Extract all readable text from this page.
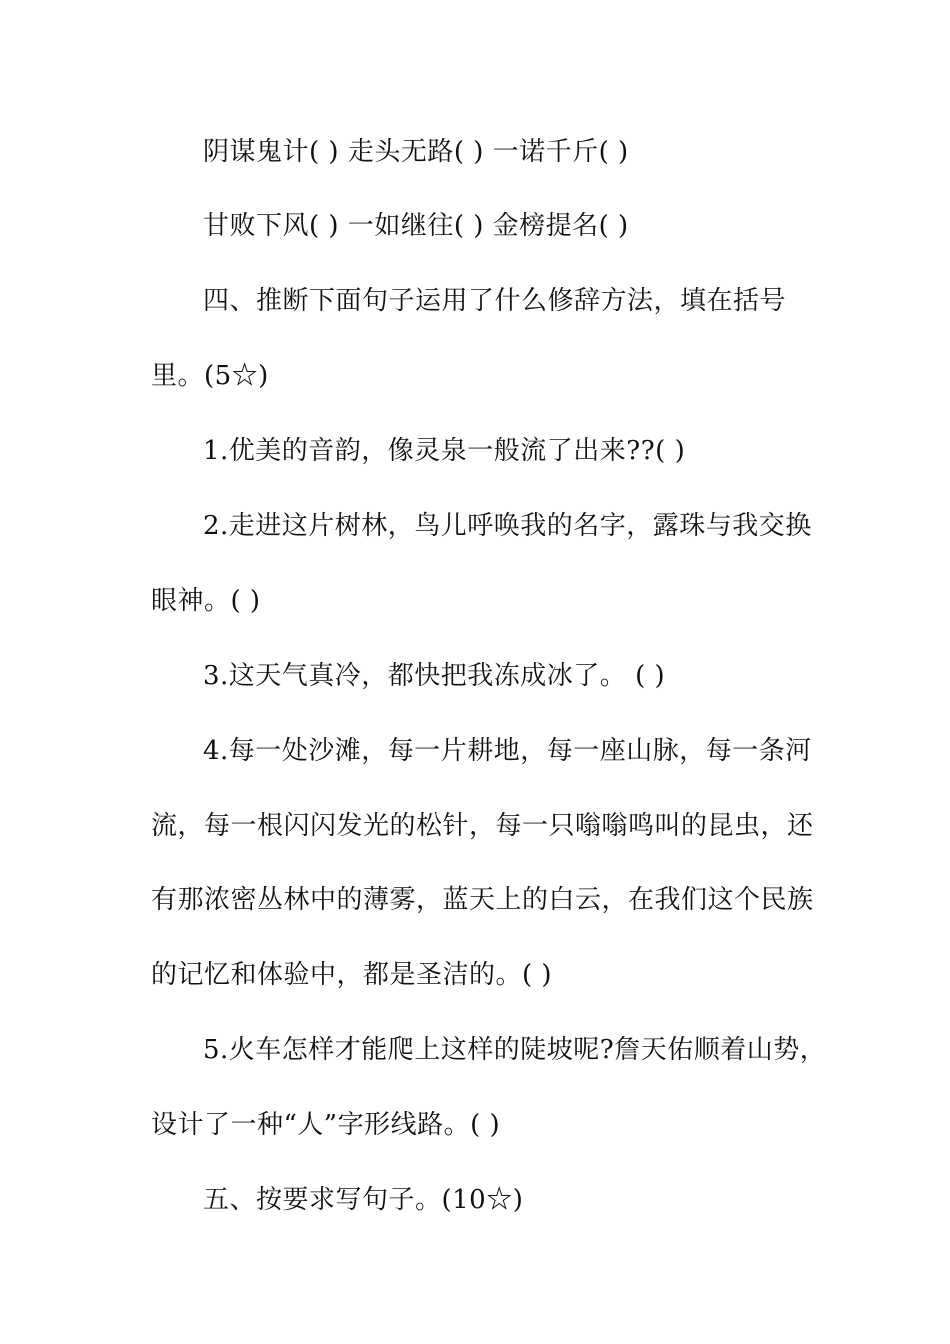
阴谋鬼计( ) 走头无路( ) 一诺千斤( )
甘败下风( ) 一如继往( ) 金榜提名( )
四、推断下面句子运用了什么修辞方法，填在括号
里。(5☆)
1.优美的音韵，像灵泉一般流了出来??( )
2.走进这片树林，鸟儿呼唤我的名字，露珠与我交换
眼神。( )
3.这天气真冷，都快把我冻成冰了。 ( )
4.每一处沙滩，每一片耕地，每一座山脉，每一条河
流，每一根闪闪发光的松针，每一只嗡嗡鸣叫的昆虫，还
有那浓密丛林中的薄雾，蓝天上的白云，在我们这个民族
的记忆和体验中，都是圣洁的。( )
5.火车怎样才能爬上这样的陡坡呢?詹天佑顺着山势，
设计了一种“人”字形线路。( )
五、按要求写句子。(10☆)
